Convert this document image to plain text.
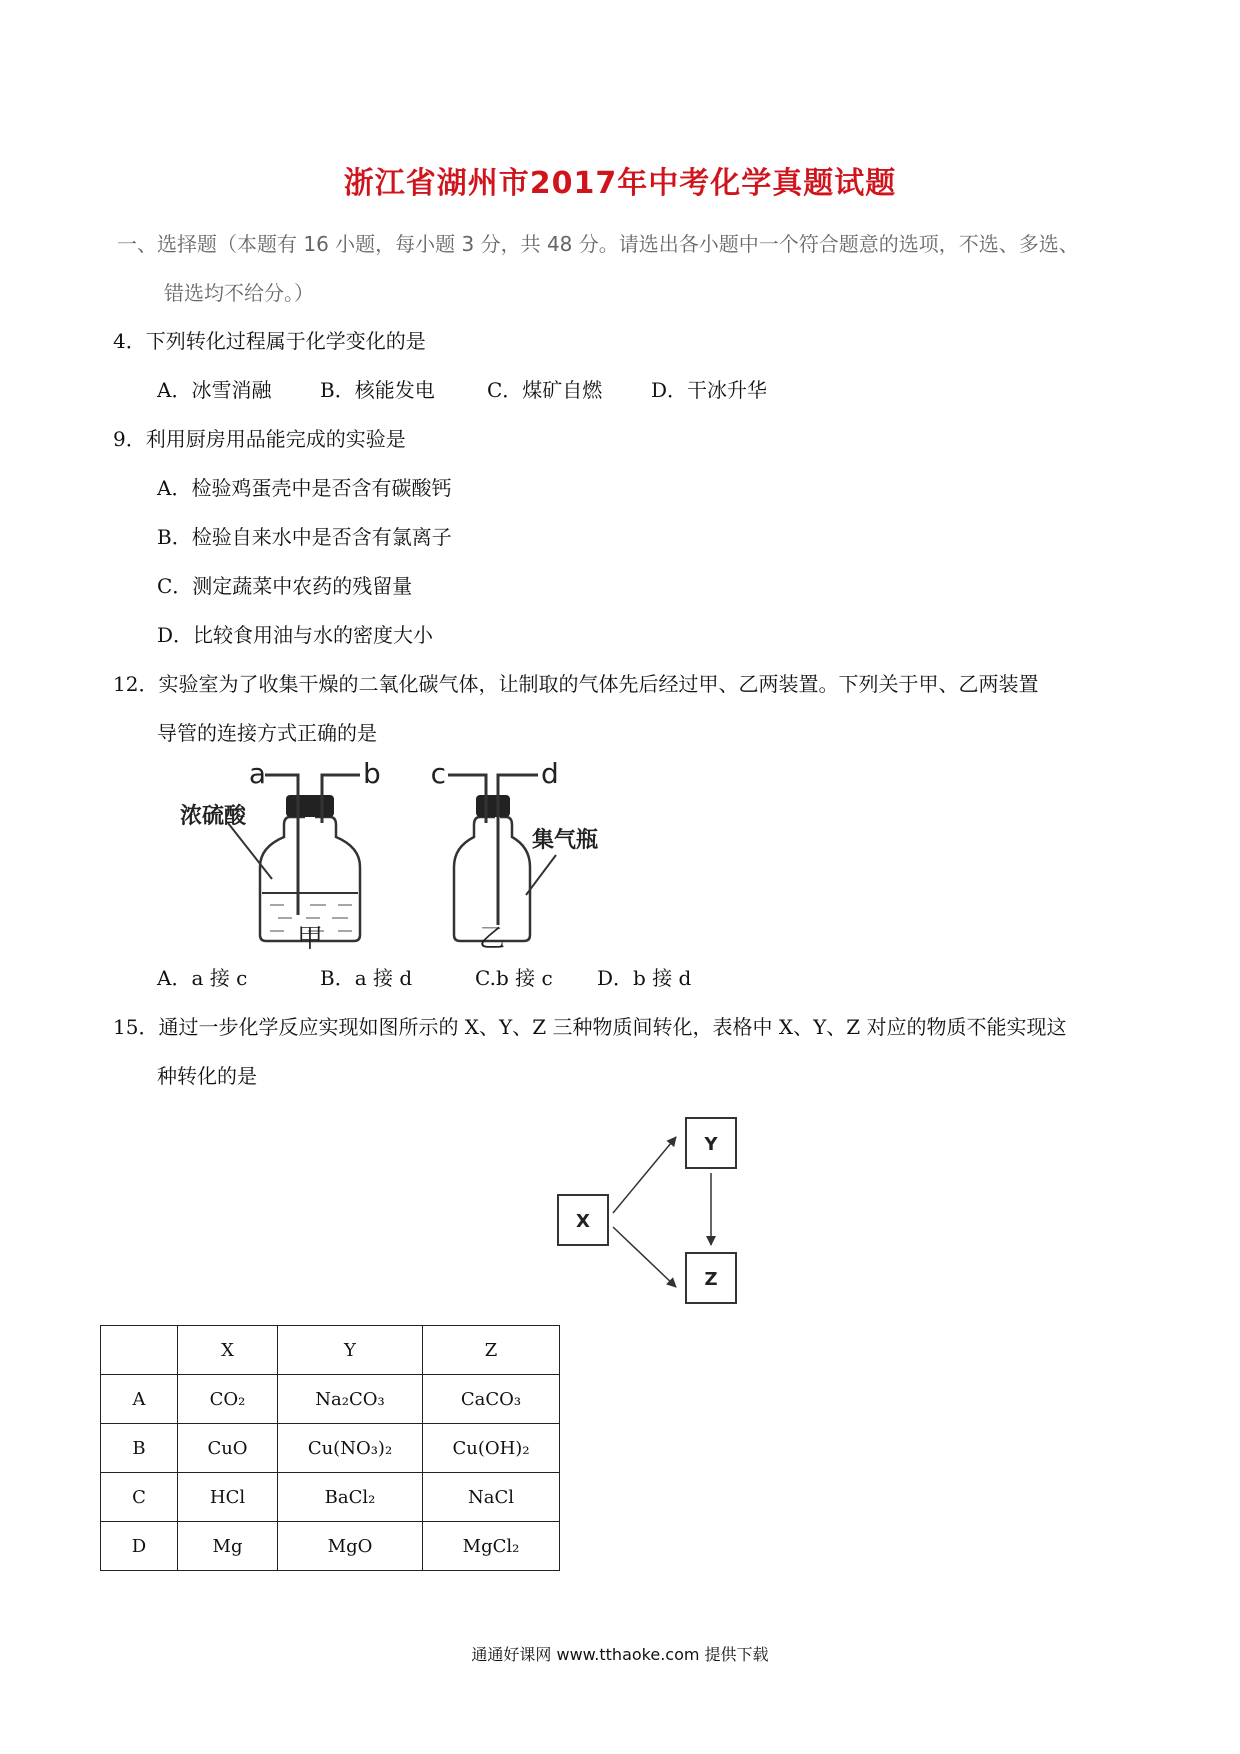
浙江省湖州市2017年中考化学真题试题
一、选择题（本题有 16 小题，每小题 3 分，共 48 分。请选出各小题中一个符合题意的选项，不选、多选、
错选均不给分。）
4．下列转化过程属于化学变化的是
A．冰雪消融 B．核能发电	C．煤矿自燃 D．干冰升华
9．利用厨房用品能完成的实验是
A．检验鸡蛋壳中是否含有碳酸钙
B．检验自来水中是否含有氯离子
C．测定蔬菜中农药的残留量
D．比较食用油与水的密度大小
12．实验室为了收集干燥的二氧化碳气体，让制取的气体先后经过甲、乙两装置。下列关于甲、乙两装置
导管的连接方式正确的是
a	b
浓硫酸
甲
c	d
集气瓶
乙
A．a 接 c	B．a 接 d	C.b 接 c D．b 接 d
15．通过一步化学反应实现如图所示的 X、Y、Z 三种物质间转化，表格中 X、Y、Z 对应的物质不能实现这
种转化的是
X
Y
Z
	X	Y	Z
A	CO₂	Na₂CO₃	CaCO₃
B	CuO	Cu(NO₃)₂	Cu(OH)₂
C	HCl	BaCl₂	NaCl
D	Mg	MgO	MgCl₂
通通好课网 www.tthaoke.com 提供下载
